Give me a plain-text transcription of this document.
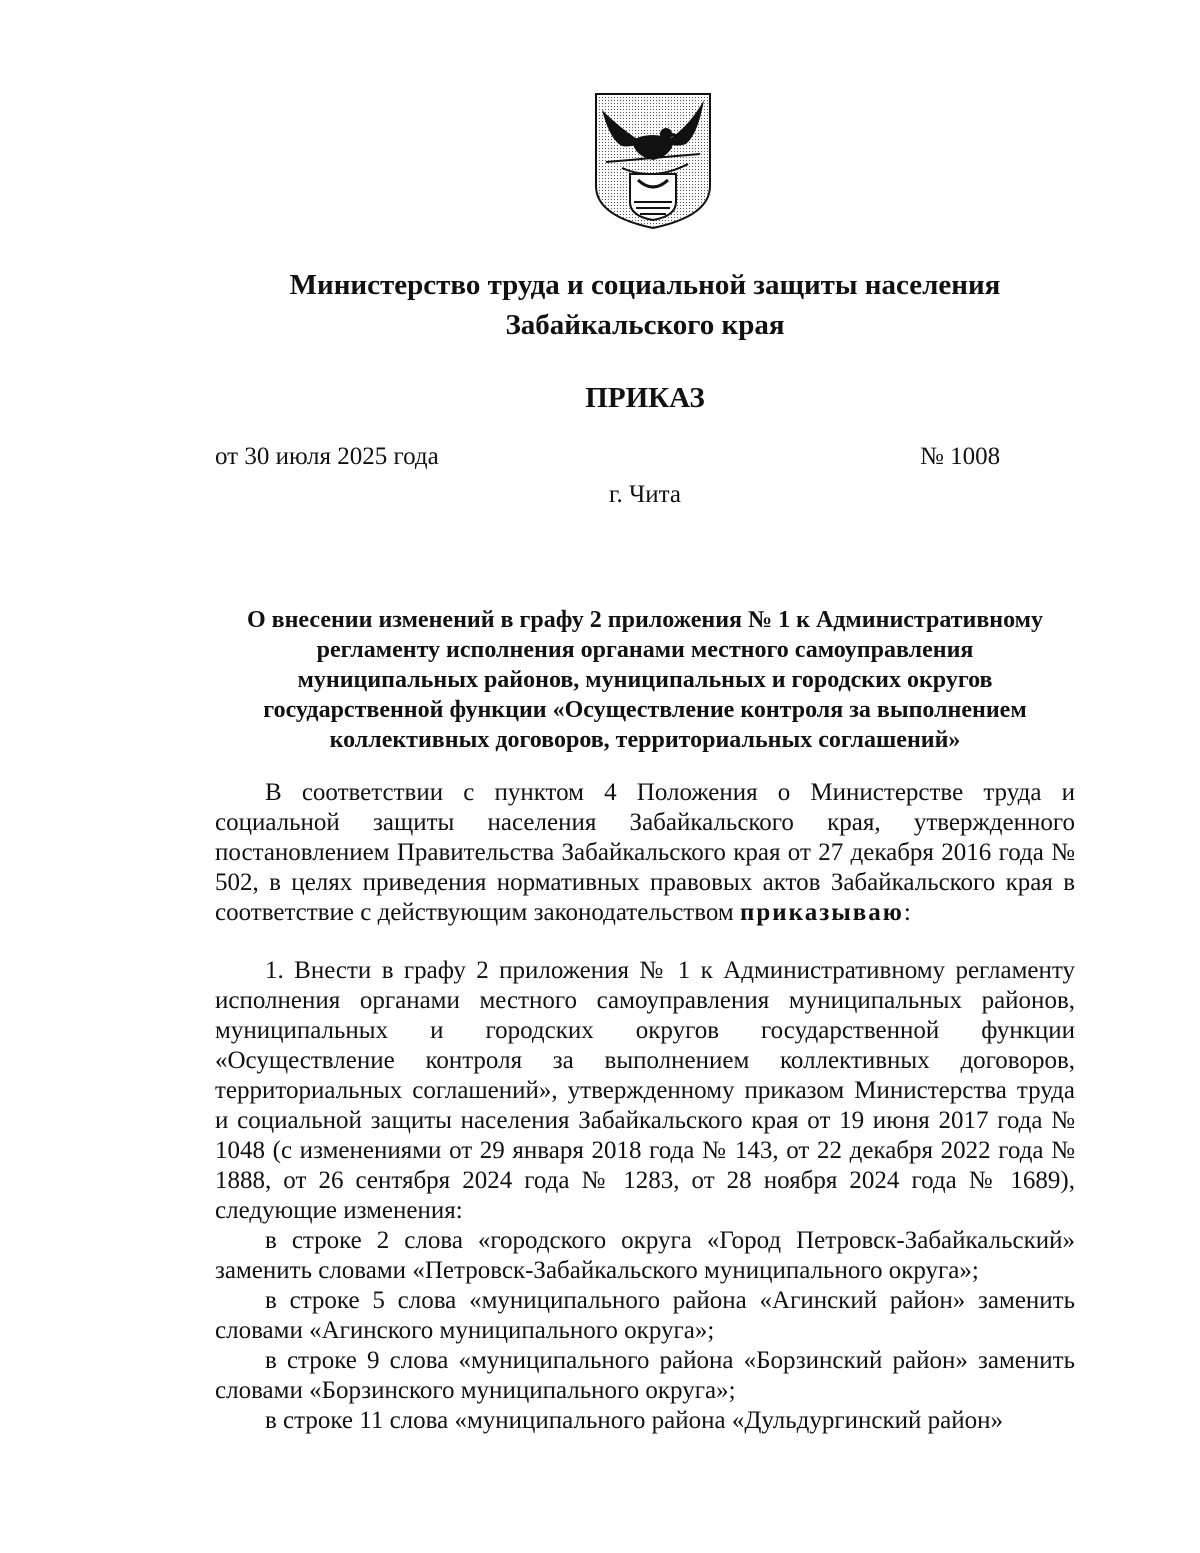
Министерство труда и социальной защиты населения
Забайкальского края
ПРИКАЗ
от 30 июля 2025 года	№ 1008
г. Чита
О внесении изменений в графу 2 приложения № 1 к Административному
регламенту исполнения органами местного самоуправления
муниципальных районов, муниципальных и городских округов
государственной функции «Осуществление контроля за выполнением
коллективных договоров, территориальных соглашений»

В соответствии с пунктом 4 Положения о Министерстве труда и социальной защиты населения Забайкальского края, утвержденного постановлением Правительства Забайкальского края от 27 декабря 2016 года № 502, в целях приведения нормативных правовых актов Забайкальского края в соответствие с действующим законодательством приказываю:

1. Внести в графу 2 приложения № 1 к Административному регламенту исполнения органами местного самоуправления муниципальных районов, муниципальных и городских округов государственной функции «Осуществление контроля за выполнением коллективных договоров, территориальных соглашений», утвержденному приказом Министерства труда и социальной защиты населения Забайкальского края от 19 июня 2017 года № 1048 (с изменениями от 29 января 2018 года № 143, от 22 декабря 2022 года № 1888, от 26 сентября 2024 года № 1283, от 28 ноября 2024 года № 1689), следующие изменения:

в строке 2 слова «городского округа «Город Петровск-Забайкальский» заменить словами «Петровск-Забайкальского муниципального округа»;

в строке 5 слова «муниципального района «Агинский район» заменить словами «Агинского муниципального округа»;

в строке 9 слова «муниципального района «Борзинский район» заменить словами «Борзинского муниципального округа»;

в строке 11 слова «муниципального района «Дульдургинский район»
